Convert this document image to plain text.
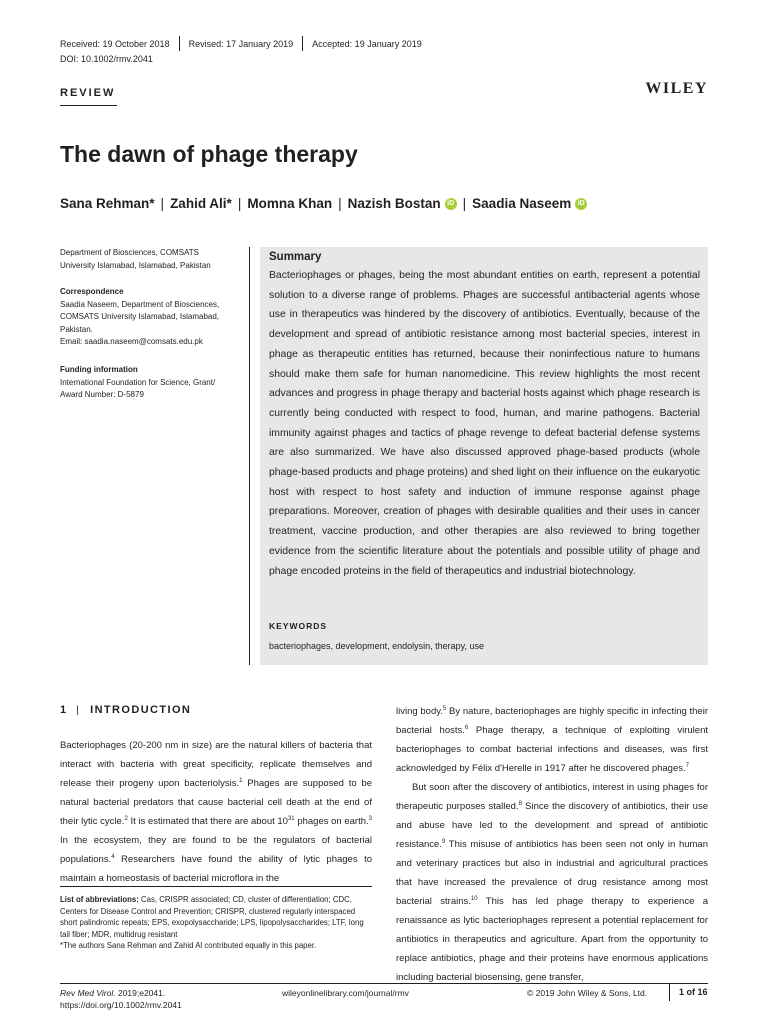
Received: 19 October 2018 Revised: 17 January 2019 Accepted: 19 January 2019
DOI: 10.1002/rmv.2041
REVIEW	WILEY
The dawn of phage therapy
Sana Rehman* | Zahid Ali* | Momna Khan | Nazish Bostan iD | Saadia Naseem iD
Department of Biosciences, COMSATS
University Islamabad, Islamabad, Pakistan
Correspondence
Saadia Naseem, Department of Biosciences,
COMSATS University Islamabad, Islamabad,
Pakistan.
Email: saadia.naseem@comsats.edu.pk
Funding information
International Foundation for Science, Grant/
Award Number: D-5879
Summary

Bacteriophages or phages, being the most abundant entities on earth, represent a potential solution to a diverse range of problems. Phages are successful antibacterial agents whose use in therapeutics was hindered by the discovery of antibiotics. Eventually, because of the development and spread of antibiotic resistance among most bacterial species, interest in phage as therapeutic entities has returned, because their noninfectious nature to humans should make them safe for human nanomedicine. This review highlights the most recent advances and progress in phage therapy and bacterial hosts against which phage research is currently being conducted with respect to food, human, and marine pathogens. Bacterial immunity against phages and tactics of phage revenge to defeat bacterial defense systems are also summarized. We have also discussed approved phage-based products (whole phage-based products and phage proteins) and shed light on their influence on the eukaryotic host with respect to host safety and induction of immune response against phage preparations. Moreover, creation of phages with desirable qualities and their uses in cancer treatment, vaccine production, and other therapies are also reviewed to bring together evidence from the scientific literature about the potentials and possible utility of phage and phage encoded proteins in the field of therapeutics and industrial biotechnology.

KEYWORDS
bacteriophages, development, endolysin, therapy, use
1 | INTRODUCTION

Bacteriophages (20-200 nm in size) are the natural killers of bacteria that interact with bacteria with great specificity, replicate themselves and release their progeny upon bacteriolysis.$^1$ Phages are supposed to be natural bacterial predators that cause bacterial cell death at the end of their lytic cycle.$^2$ It is estimated that there are about $10^{31}$ phages on earth.$^3$ In the ecosystem, they are found to be the regulators of bacterial populations.$^4$ Researchers have found the ability of lytic phages to maintain a homeostasis of bacterial microflora in the

living body.$^5$ By nature, bacteriophages are highly specific in infecting their bacterial hosts.$^6$ Phage therapy, a technique of exploiting virulent bacteriophages to combat bacterial infections and diseases, was first acknowledged by Félix d'Herelle in 1917 after he discovered phages.$^7$

But soon after the discovery of antibiotics, interest in using phages for therapeutic purposes stalled.$^8$ Since the discovery of antibiotics, their use and abuse have led to the development and spread of antibiotic resistance.$^9$ This misuse of antibiotics has been seen not only in human and veterinary practices but also in industrial and agricultural practices that have increased the prevalence of drug resistance among most bacterial strains.$^{10}$ This has led phage therapy to experience a renaissance as lytic bacteriophages represent a potential replacement for antibiotics in therapeutics and agriculture. Apart from the opportunity to replace antibiotics, phage and their proteins have enormous applications including bacterial biosensing, gene transfer,

List of abbreviations: Cas, CRISPR associated; CD, cluster of differentiation; CDC, Centers for Disease Control and Prevention; CRISPR, clustered regularly interspaced short palindromic repeats; EPS, exopolysaccharide; LPS, lipopolysaccharides; LTF, long tail fiber; MDR, multidrug resistant
*The authors Sana Rehman and Zahid Al contributed equally in this paper.
Rev Med Virol. 2019;e2041.
https://doi.org/10.1002/rmv.2041
wileyonlinelibrary.com/journal/rmv	© 2019 John Wiley & Sons, Ltd.	1 of 16
